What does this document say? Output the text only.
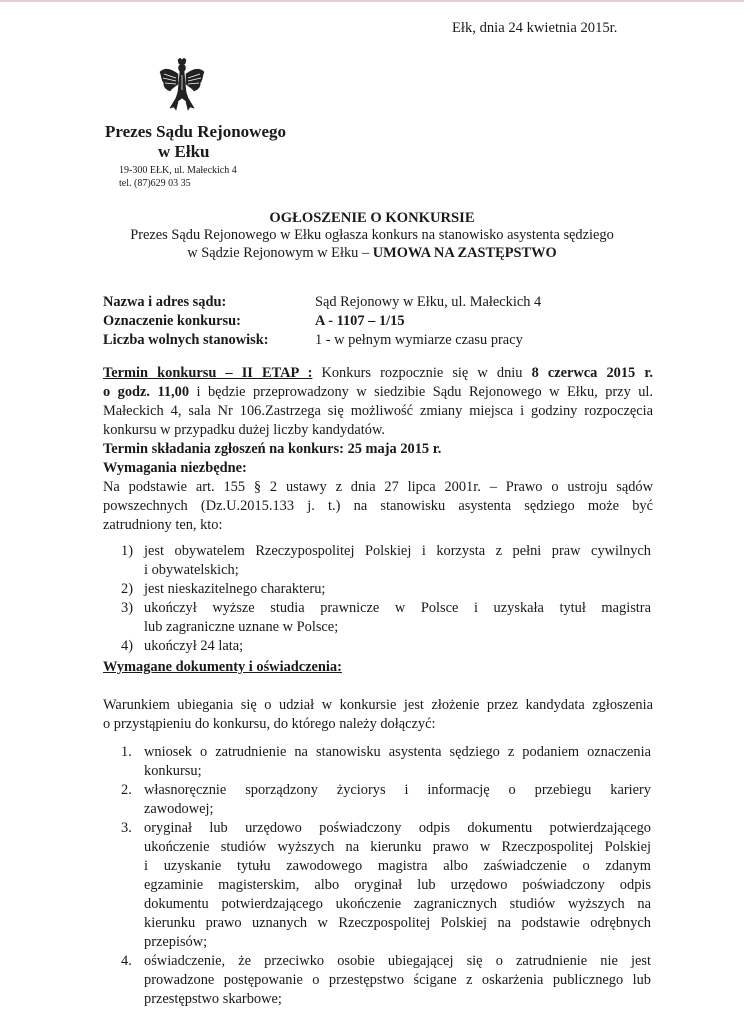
Ełk, dnia 24 kwietnia 2015r.
Prezes Sądu Rejonowego
w Ełku
19-300 EŁK, ul. Małeckich 4
tel. (87)629 03 35
OGŁOSZENIE O KONKURSIE
Prezes Sądu Rejonowego w Ełku ogłasza konkurs na stanowisko asystenta sędziego
w Sądzie Rejonowym w Ełku – UMOWA NA ZASTĘPSTWO
Nazwa i adres sądu:	Sąd Rejonowy w Ełku, ul. Małeckich 4
Oznaczenie konkursu:	A - 1107 – 1/15
Liczba wolnych stanowisk:	1 - w pełnym wymiarze czasu pracy
Termin konkursu – II ETAP : Konkurs rozpocznie się w dniu 8 czerwca 2015 r.
o godz. 11,00 i będzie przeprowadzony w siedzibie Sądu Rejonowego w Ełku, przy ul.
Małeckich 4, sala Nr 106.Zastrzega się możliwość zmiany miejsca i godziny rozpoczęcia
konkursu w przypadku dużej liczby kandydatów.
Termin składania zgłoszeń na konkurs: 25 maja 2015 r.
Wymagania niezbędne:
Na podstawie art. 155 § 2 ustawy z dnia 27 lipca 2001r. – Prawo o ustroju sądów
powszechnych (Dz.U.2015.133 j. t.) na stanowisku asystenta sędziego może być
zatrudniony ten, kto:
1) jest obywatelem Rzeczypospolitej Polskiej i korzysta z pełni praw cywilnych
i obywatelskich;
2) jest nieskazitelnego charakteru;
3) ukończył wyższe studia prawnicze w Polsce i uzyskała tytuł magistra
lub zagraniczne uznane w Polsce;
4) ukończył 24 lata;
Wymagane dokumenty i oświadczenia:
Warunkiem ubiegania się o udział w konkursie jest złożenie przez kandydata zgłoszenia
o przystąpieniu do konkursu, do którego należy dołączyć:
1. wniosek o zatrudnienie na stanowisku asystenta sędziego z podaniem oznaczenia
konkursu;
2. własnoręcznie sporządzony życiorys i informację o przebiegu kariery
zawodowej;
3. oryginał lub urzędowo poświadczony odpis dokumentu potwierdzającego
ukończenie studiów wyższych na kierunku prawo w Rzeczpospolitej Polskiej
i uzyskanie tytułu zawodowego magistra albo zaświadczenie o zdanym
egzaminie magisterskim, albo oryginał lub urzędowo poświadczony odpis
dokumentu potwierdzającego ukończenie zagranicznych studiów wyższych na
kierunku prawo uznanych w Rzeczpospolitej Polskiej na podstawie odrębnych
przepisów;
4. oświadczenie, że przeciwko osobie ubiegającej się o zatrudnienie nie jest
prowadzone postępowanie o przestępstwo ścigane z oskarżenia publicznego lub
przestępstwo skarbowe;
